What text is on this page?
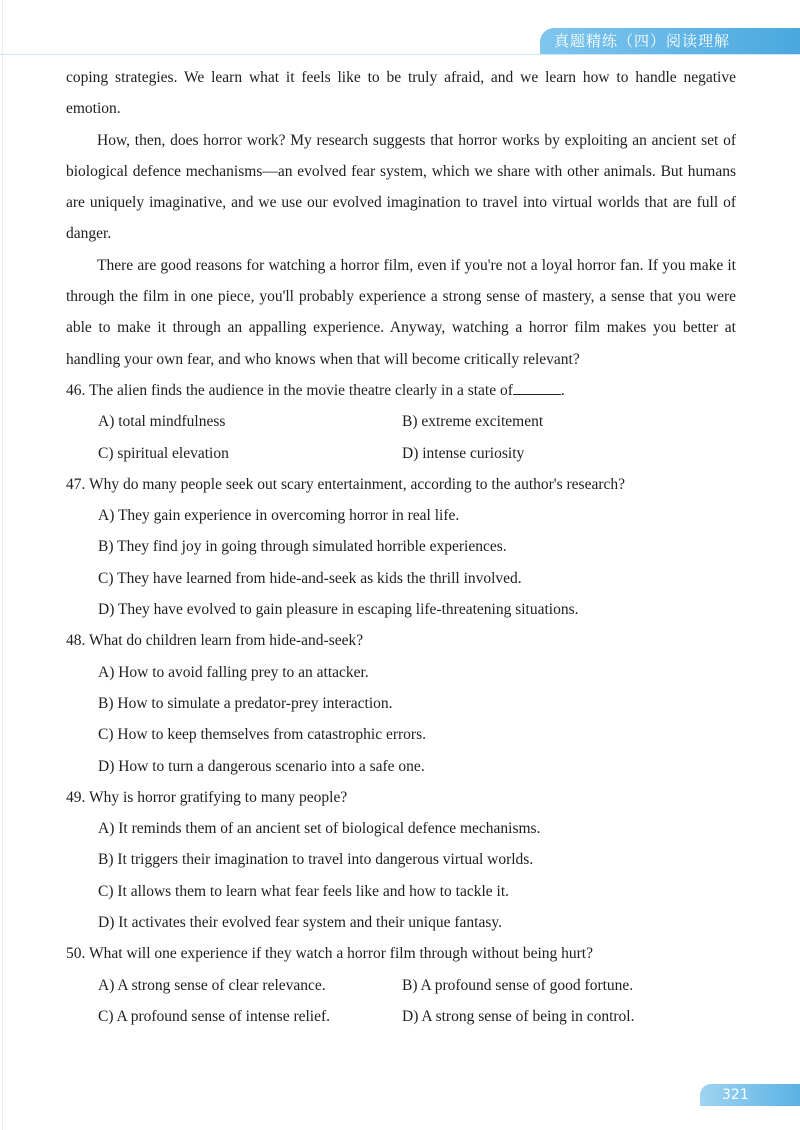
真题精练（四）阅读理解

coping strategies. We learn what it feels like to be truly afraid, and we learn how to handle negative emotion.

How, then, does horror work? My research suggests that horror works by exploiting an ancient set of biological defence mechanisms—an evolved fear system, which we share with other animals. But humans are uniquely imaginative, and we use our evolved imagination to travel into virtual worlds that are full of danger.

There are good reasons for watching a horror film, even if you're not a loyal horror fan. If you make it through the film in one piece, you'll probably experience a strong sense of mastery, a sense that you were able to make it through an appalling experience. Anyway, watching a horror film makes you better at handling your own fear, and who knows when that will become critically relevant?

46. The alien finds the audience in the movie theatre clearly in a state of	.

A) total mindfulness	B) extreme excitement
C) spiritual elevation	D) intense curiosity

47. Why do many people seek out scary entertainment, according to the author's research?

A) They gain experience in overcoming horror in real life.

B) They find joy in going through simulated horrible experiences.

C) They have learned from hide-and-seek as kids the thrill involved.

D) They have evolved to gain pleasure in escaping life-threatening situations.

48. What do children learn from hide-and-seek?

A) How to avoid falling prey to an attacker.

B) How to simulate a predator-prey interaction.

C) How to keep themselves from catastrophic errors.

D) How to turn a dangerous scenario into a safe one.

49. Why is horror gratifying to many people?

A) It reminds them of an ancient set of biological defence mechanisms.

B) It triggers their imagination to travel into dangerous virtual worlds.

C) It allows them to learn what fear feels like and how to tackle it.

D) It activates their evolved fear system and their unique fantasy.

50. What will one experience if they watch a horror film through without being hurt?

A) A strong sense of clear relevance.	B) A profound sense of good fortune.
C) A profound sense of intense relief.	D) A strong sense of being in control.
321
